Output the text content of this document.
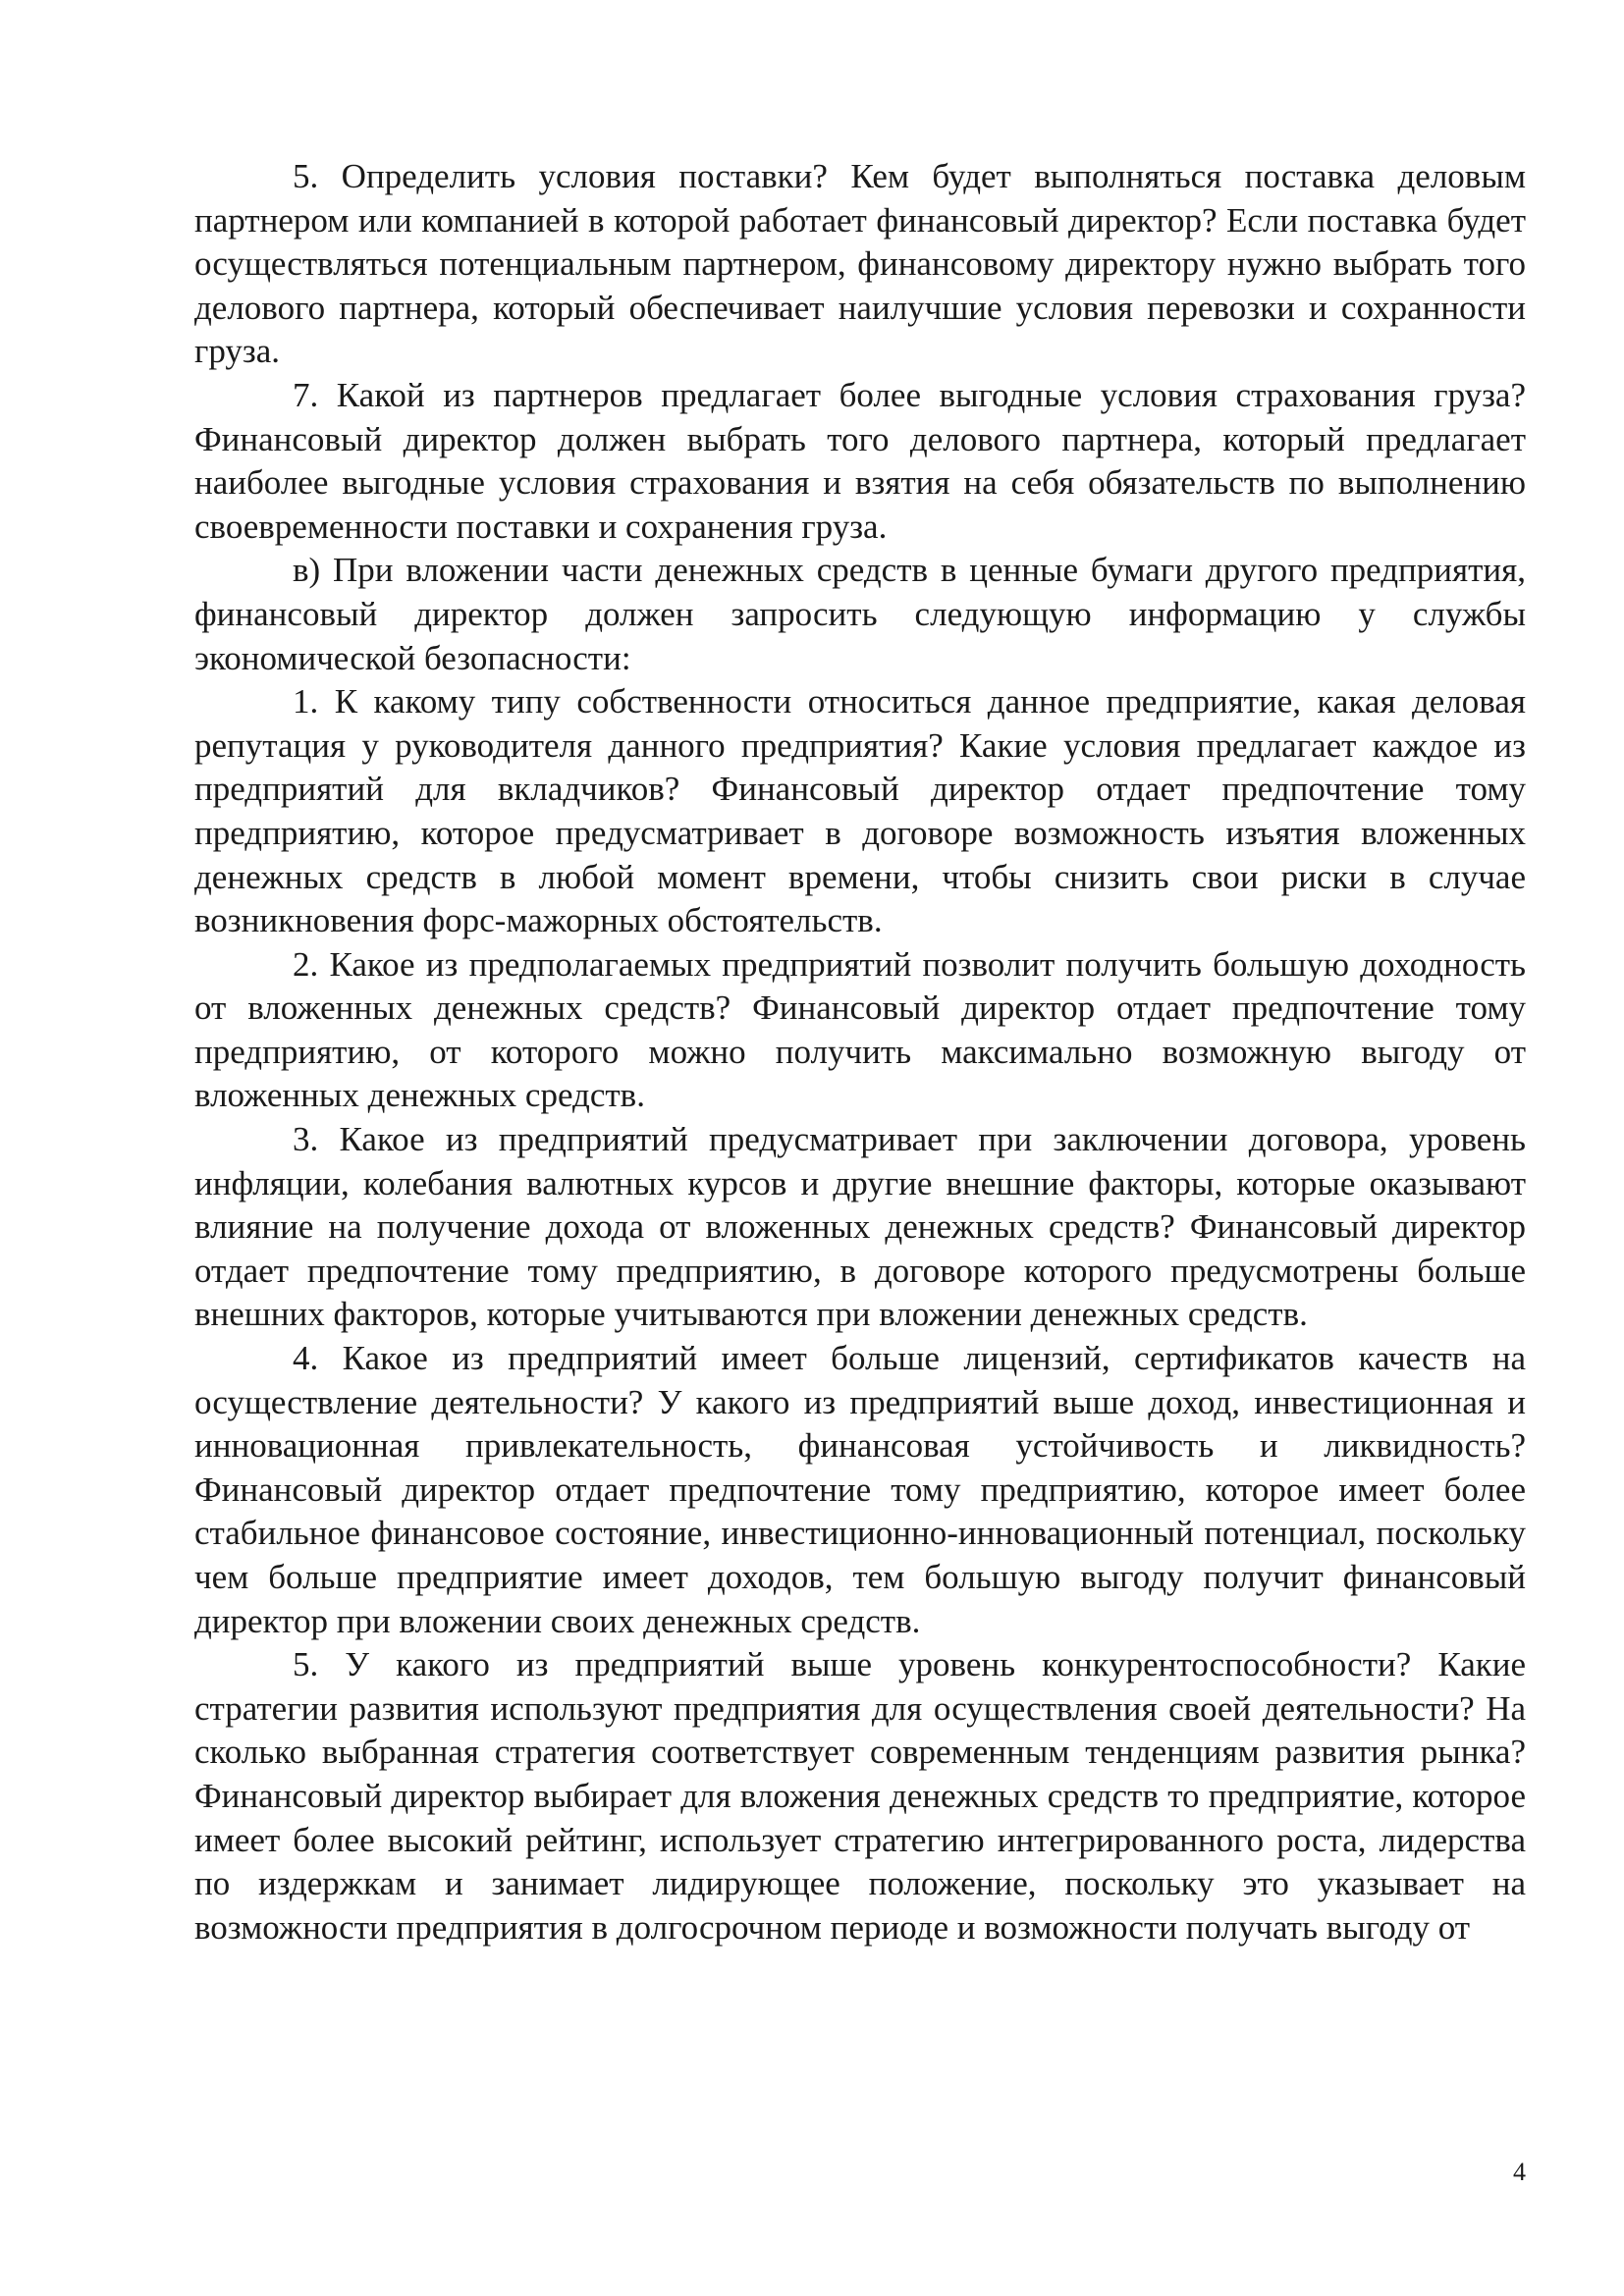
5. Определить условия поставки? Кем будет выполняться поставка деловым партнером или компанией в которой работает финансовый директор? Если поставка будет осуществляться потенциальным партнером, финансовому директору нужно выбрать того делового партнера, который обеспечивает наилучшие условия перевозки и сохранности груза.

7. Какой из партнеров предлагает более выгодные условия страхования груза? Финансовый директор должен выбрать того делового партнера, который предлагает наиболее выгодные условия страхования и взятия на себя обязательств по выполнению своевременности поставки и сохранения груза.

в) При вложении части денежных средств в ценные бумаги другого предприятия, финансовый директор должен запросить следующую информацию у службы экономической безопасности:

1. К какому типу собственности относиться данное предприятие, какая деловая репутация у руководителя данного предприятия? Какие условия предлагает каждое из предприятий для вкладчиков? Финансовый директор отдает предпочтение тому предприятию, которое предусматривает в договоре возможность изъятия вложенных денежных средств в любой момент времени, чтобы снизить свои риски в случае возникновения форс-мажорных обстоятельств.

2. Какое из предполагаемых предприятий позволит получить большую доходность от вложенных денежных средств? Финансовый директор отдает предпочтение тому предприятию, от которого можно получить максимально возможную выгоду от вложенных денежных средств.

3. Какое из предприятий предусматривает при заключении договора, уровень инфляции, колебания валютных курсов и другие внешние факторы, которые оказывают влияние на получение дохода от вложенных денежных средств? Финансовый директор отдает предпочтение тому предприятию, в договоре которого предусмотрены больше внешних факторов, которые учитываются при вложении денежных средств.

4. Какое из предприятий имеет больше лицензий, сертификатов качеств на осуществление деятельности? У какого из предприятий выше доход, инвестиционная и инновационная привлекательность, финансовая устойчивость и ликвидность? Финансовый директор отдает предпочтение тому предприятию, которое имеет более стабильное финансовое состояние, инвестиционно-инновационный потенциал, поскольку чем больше предприятие имеет доходов, тем большую выгоду получит финансовый директор при вложении своих денежных средств.

5. У какого из предприятий выше уровень конкурентоспособности? Какие стратегии развития используют предприятия для осуществления своей деятельности? На сколько выбранная стратегия соответствует современным тенденциям развития рынка? Финансовый директор выбирает для вложения денежных средств то предприятие, которое имеет более высокий рейтинг, использует стратегию интегрированного роста, лидерства по издержкам и занимает лидирующее положение, поскольку это указывает на возможности предприятия в долгосрочном периоде и возможности получать выгоду от

4
